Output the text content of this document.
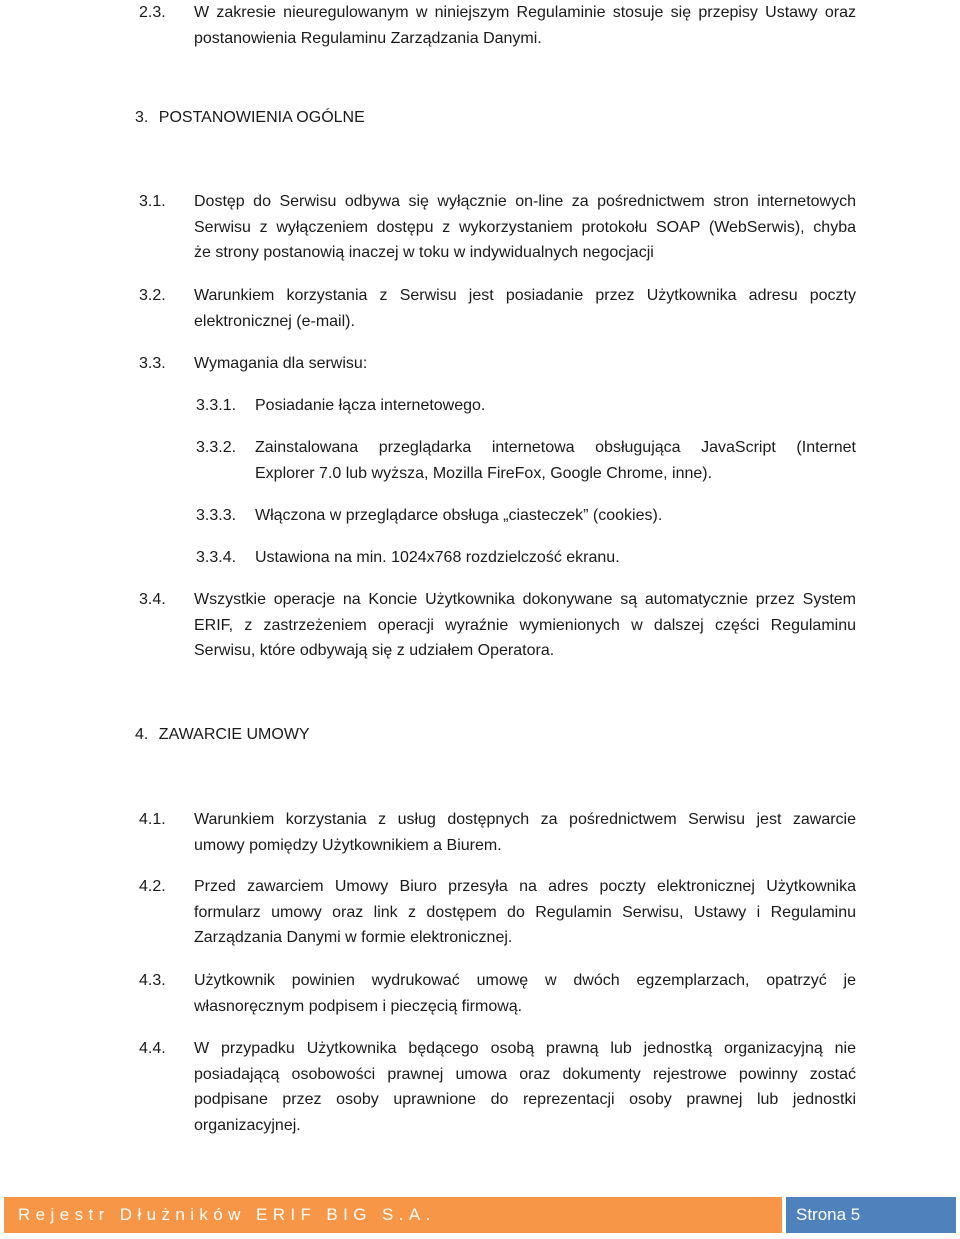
2.3. W zakresie nieuregulowanym w niniejszym Regulaminie stosuje się przepisy Ustawy oraz
postanowienia Regulaminu Zarządzania Danymi.
3. POSTANOWIENIA OGÓLNE
3.1. Dostęp do Serwisu odbywa się wyłącznie on-line za pośrednictwem stron internetowych
Serwisu z wyłączeniem dostępu z wykorzystaniem protokołu SOAP (WebSerwis), chyba
że strony postanowią inaczej w toku w indywidualnych negocjacji
3.2. Warunkiem korzystania z Serwisu jest posiadanie przez Użytkownika adresu poczty
elektronicznej (e-mail).
3.3. Wymagania dla serwisu:
3.3.1. Posiadanie łącza internetowego.
3.3.2. Zainstalowana przeglądarka internetowa obsługująca JavaScript (Internet
Explorer 7.0 lub wyższa, Mozilla FireFox, Google Chrome, inne).
3.3.3. Włączona w przeglądarce obsługa „ciasteczek” (cookies).
3.3.4. Ustawiona na min. 1024x768 rozdzielczość ekranu.
3.4. Wszystkie operacje na Koncie Użytkownika dokonywane są automatycznie przez System
ERIF, z zastrzeżeniem operacji wyraźnie wymienionych w dalszej części Regulaminu
Serwisu, które odbywają się z udziałem Operatora.
4. ZAWARCIE UMOWY
4.1. Warunkiem korzystania z usług dostępnych za pośrednictwem Serwisu jest zawarcie
umowy pomiędzy Użytkownikiem a Biurem.
4.2. Przed zawarciem Umowy Biuro przesyła na adres poczty elektronicznej Użytkownika
formularz umowy oraz link z dostępem do Regulamin Serwisu, Ustawy i Regulaminu
Zarządzania Danymi w formie elektronicznej.
4.3. Użytkownik powinien wydrukować umowę w dwóch egzemplarzach, opatrzyć je
własnoręcznym podpisem i pieczęcią firmową.
4.4. W przypadku Użytkownika będącego osobą prawną lub jednostką organizacyjną nie
posiadającą osobowości prawnej umowa oraz dokumenty rejestrowe powinny zostać
podpisane przez osoby uprawnione do reprezentacji osoby prawnej lub jednostki
organizacyjnej.
Rejestr Dłużników ERIF BIG S.A.	Strona 5
